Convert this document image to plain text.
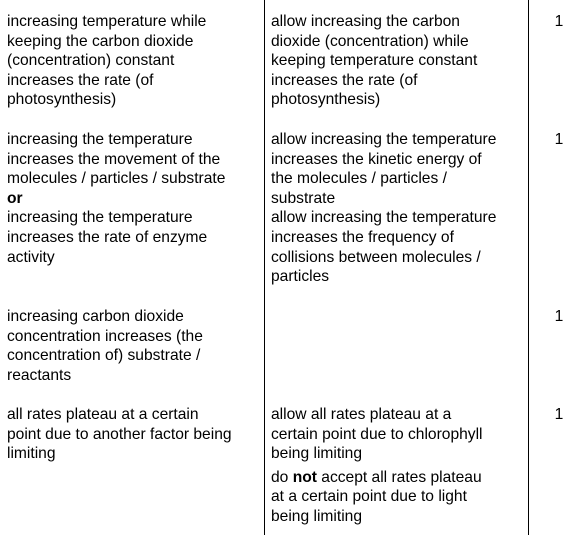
increasing temperature while
keeping the carbon dioxide
(concentration) constant
increases the rate (of
photosynthesis)
allow increasing the carbon
dioxide (concentration) while
keeping temperature constant
increases the rate (of
photosynthesis)
1
increasing the temperature
increases the movement of the
molecules / particles / substrate
or
increasing the temperature
increases the rate of enzyme
activity
allow increasing the temperature
increases the kinetic energy of
the molecules / particles /
substrate
allow increasing the temperature
increases the frequency of
collisions between molecules /
particles
1
increasing carbon dioxide
concentration increases (the
concentration of) substrate /
reactants
1
all rates plateau at a certain
point due to another factor being
limiting
allow all rates plateau at a
certain point due to chlorophyll
being limiting
do not accept all rates plateau
at a certain point due to light
being limiting
1
